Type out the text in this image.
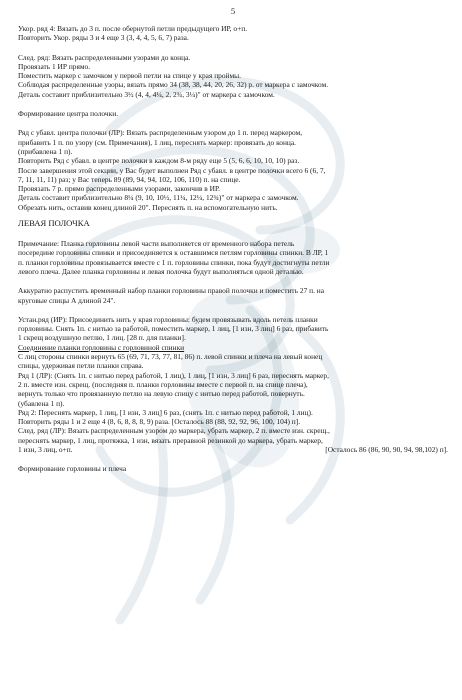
5

Укор. ряд 4: Вязать до 3 п. после обернутой петли предыдущего ИР, о+п.

Повторить Укор. ряды 3 и 4 еще 3 (3, 4, 4, 5, 6, 7) раза.

След. ряд: Вязать распределенными узорами до конца.

Провязать 1 ИР прямо.

Поместить маркер с замочком у первой петли на спице у края проймы.

Соблюдая распределенные узоры, вязать прямо 34 (38, 38, 44, 20, 26, 32) р. от маркера с замочком.

Деталь составит приблизительно 3½ (4, 4, 4¼, 2, 2¾, 3¼)" от маркера с замочком.

Формирование центра полочки.

Ряд с убавл. центра полочки (ЛР): Вязать распределенным узором до 1 п. перед маркером,

прибавить 1 п. по узору (см. Примечания), 1 лиц, переснять маркер: провязать до конца.

(прибавлена 1 п).

Повторить Ряд с убавл. в центре полочки в каждом 8-м ряду еще 5 (5, 6, 6, 10, 10, 10) раз.

После завершения этой секции, у Вас будет выполнен Ряд с убавл. в центре полочки всего 6 (6, 7,

7, 11, 11, 11) раз; у Вас теперь 89 (89, 94, 94, 102, 106, 110) п. на спице.

Провязать 7 р. прямо распределенными узорами, закончив в ИР.

Деталь составит приблизительно 8¼ (9, 10, 10½, 11¼, 12¼, 12¾)" от маркера с замочком.

Обрезать нить, оставив конец длиной 20". Переснять п. на вспомогательную нить.

ЛЕВАЯ ПОЛОЧКА

Примечание: Планка горловины левой части выполняется от временного набора петель

посередине горловины спинки и присоединяется к оставшимся петлям горловины спинки. В ЛР, 1

п. планки горловины провязывается вместе с 1 п. горловины спинки, пока будут достигнуты петли

левого плеча. Далее планка горловины и левая полочка будут выполняться одной деталью.

Аккуратно распустить временный набор планки горловины правой полочки и поместить 27 п. на

круговые спицы А длиной 24".

Устан.ряд (ИР): Присоединить нить у края горловины: будем провязывать вдоль петель планки

горловины. Снять 1п. с нитью за работой, поместить маркер, 1 лиц, [1 изн, 3 лиц] 6 раз, прибавить

1 скрещ воздушную петлю, 1 лиц. [28 п. для планки].

Соединение планки горловины с горловиной спинки

С лиц стороны спинки вернуть 65 (69, 71, 73, 77, 81, 86) п. левой спинки и плеча на левый конец

спицы, удерживая петли планки справа.

Ряд 1 (ЛР): (Снять 1п. с нитью перед работой, 1 лиц), 1 лиц, [1 изн, 3 лиц] 6 раз, переснять маркер,

2 п. вместе изн. скрещ. (последняя п. планки горловины вместе с первой п. на спице плеча),

вернуть только что провязанную петлю на левую спицу с нитью перед работой, повернуть.

(убавлена 1 п).

Ряд 2: Переснять маркер, 1 лиц, [1 изн, 3 лиц] 6 раз, (снять 1п. с нитью перед работой, 1 лиц).

Повторить ряды 1 и 2 еще 4 (8, 6, 8, 8, 8, 9) раза. [Осталось 88 (88, 92, 92, 96, 100, 104) п].

След. ряд (ЛР): Вязать распределенным узором до маркера, убрать маркер, 2 п. вместе изн. скрещ.,

переснять маркер, 1 лиц, протяжка, 1 изн, вязать преравной резинкой до маркера, убрать маркер,

1 изн, 3 лиц, о+п.	[Осталось 86 (86, 90, 90, 94, 98,102) п].

Формирование горловины и плеча
